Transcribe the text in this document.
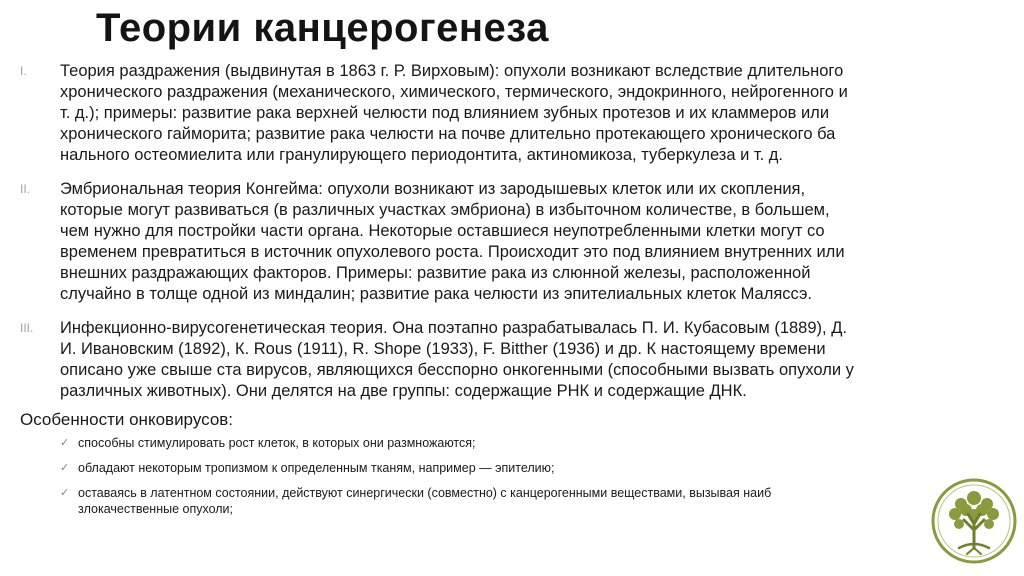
Теории канцерогенеза
I.	Теория раздражения (выдвинутая в 1863 г. Р. Вирховым): опухоли возникают вследствие длительного
хронического раздражения (механического, химического, термического, эндокринного, нейрогенного и
т. д.); примеры: развитие рака верхней челюсти под влиянием зубных протезов и их кламмеров или
хронического гайморита; развитие рака челюсти на почве длительно протекающего хронического ба
нального остеомиелита или гранулирующего периодонтита, актиномикоза, туберкулеза и т. д.
II.	Эмбриональная теория Конгейма: опухоли возникают из зародышевых клеток или их скопления,
которые могут развиваться (в различных участках эмбриона) в избыточном количестве, в большем,
чем нужно для постройки части органа. Некоторые оставшиеся неупотребленными клетки могут со
временем превратиться в источник опухолевого роста. Происходит это под влиянием внутренних или
внешних раздражающих факторов. Примеры: развитие рака из слюнной железы, расположенной
случайно в толще одной из миндалин; развитие рака челюсти из эпителиальных клеток Маляссэ.
III.	Инфекционно-вирусогенетическая теория. Она поэтапно разрабатывалась П. И. Кубасовым (1889), Д.
И. Ивановским (1892), К. Rous (1911), R. Shope (1933), F. Bitther (1936) и др. К настоящему времени
описано уже свыше ста вирусов, являющихся бесспорно онкогенными (способными вызвать опухоли у
различных животных). Они делятся на две группы: содержащие РНК и содержащие ДНК.

Особенности онковирусов:

✓ способны стимулировать рост клеток, в которых они размножаются;
✓ обладают некоторым тропизмом к определенным тканям, например — эпителию;
✓ оставаясь в латентном состоянии, действуют синергически (совместно) с канцерогенными веществами, вызывая наиб
злокачественные опухоли;
